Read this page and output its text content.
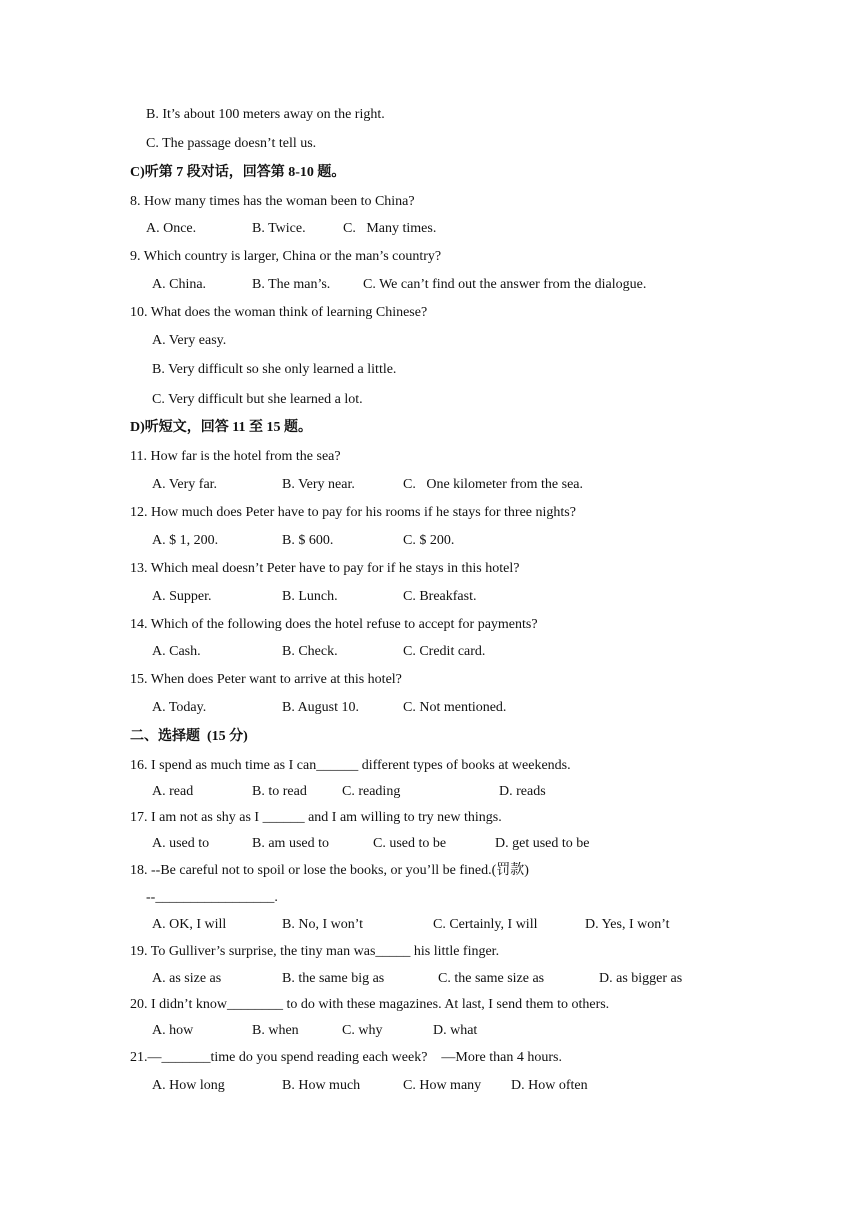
B. It’s about 100 meters away on the right.
C. The passage doesn’t tell us.
C)听第 7 段对话，回答第 8-10 题。
8. How many times has the woman been to China?
A. Once.	B. Twice.	C.   Many times.
9. Which country is larger, China or the man’s country?
A. China.	B. The man’s. C. We can’t find out the answer from the dialogue.
10. What does the woman think of learning Chinese?
A. Very easy.
B. Very difficult so she only learned a little.
C. Very difficult but she learned a lot.
D)听短文，回答 11 至 15 题。
11. How far is the hotel from the sea?
A. Very far.	B. Very near.	C.   One kilometer from the sea.
12. How much does Peter have to pay for his rooms if he stays for three nights?
A. $ 1, 200.	B. $ 600.	C. $ 200.
13. Which meal doesn’t Peter have to pay for if he stays in this hotel?
A. Supper.	B. Lunch.	C. Breakfast.
14. Which of the following does the hotel refuse to accept for payments?
A. Cash.	B. Check.	C. Credit card.
15. When does Peter want to arrive at this hotel?
A. Today.	B. August 10.	C. Not mentioned.
二、选择题  (15 分)
16. I spend as much time as I can______ different types of books at weekends.
A. read	B. to read	C. reading	D. reads
17. I am not as shy as I ______ and I am willing to try new things.
A. used to	B. am used to	C. used to be	D. get used to be
18. --Be careful not to spoil or lose the books, or you’ll be fined.(罚款)
--_________________.
A. OK, I will	B. No, I won’t	C. Certainly, I will	D. Yes, I won’t
19. To Gulliver’s surprise, the tiny man was_____ his little finger.
A. as size as	B. the same big as	C. the same size as	D. as bigger as
20. I didn’t know________ to do with these magazines. At last, I send them to others.
A. how	B. when	C. why	D. what
21.—_______time do you spend reading each week?    —More than 4 hours.
A. How long	B. How much	C. How many D. How often
